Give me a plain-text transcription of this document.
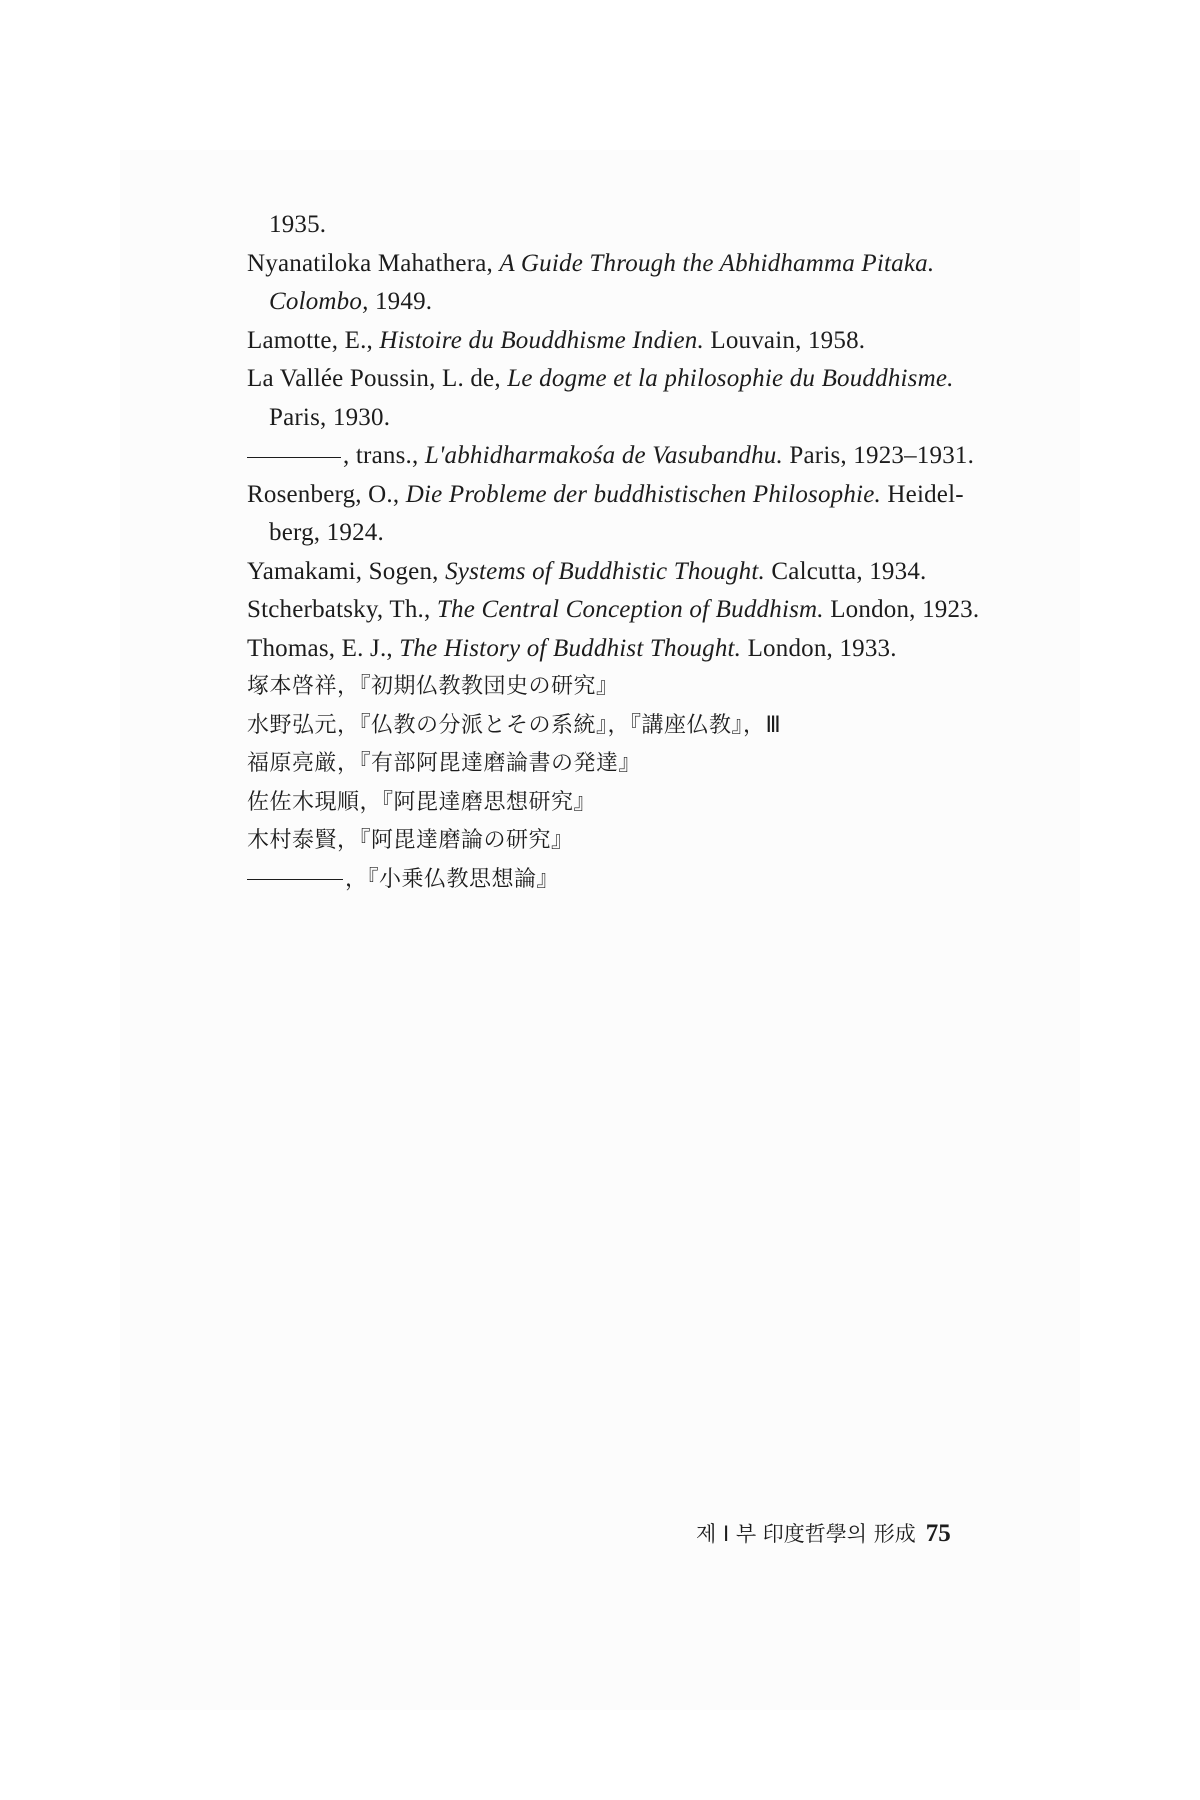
1935.
Nyanatiloka Mahathera, A Guide Through the Abhidhamma Pitaka.
Colombo, 1949.
Lamotte, E., Histoire du Bouddhisme Indien. Louvain, 1958.
La Vallée Poussin, L. de, Le dogme et la philosophie du Bouddhisme.
Paris, 1930.
, trans., L'abhidharmakośa de Vasubandhu. Paris, 1923–1931.
Rosenberg, O., Die Probleme der buddhistischen Philosophie. Heidel-
berg, 1924.
Yamakami, Sogen, Systems of Buddhistic Thought. Calcutta, 1934.
Stcherbatsky, Th., The Central Conception of Buddhism. London, 1923.
Thomas, E. J., The History of Buddhist Thought. London, 1933.
塚本啓祥，『初期仏教教団史の研究』
水野弘元，『仏教の分派とその系統』，『講座仏教』，Ⅲ
福原亮厳，『有部阿毘達磨論書の発達』
佐佐木現順，『阿毘達磨思想研究』
木村泰賢，『阿毘達磨論の研究』
，『小乗仏教思想論』
제 I 부 印度哲學의 形成 75
